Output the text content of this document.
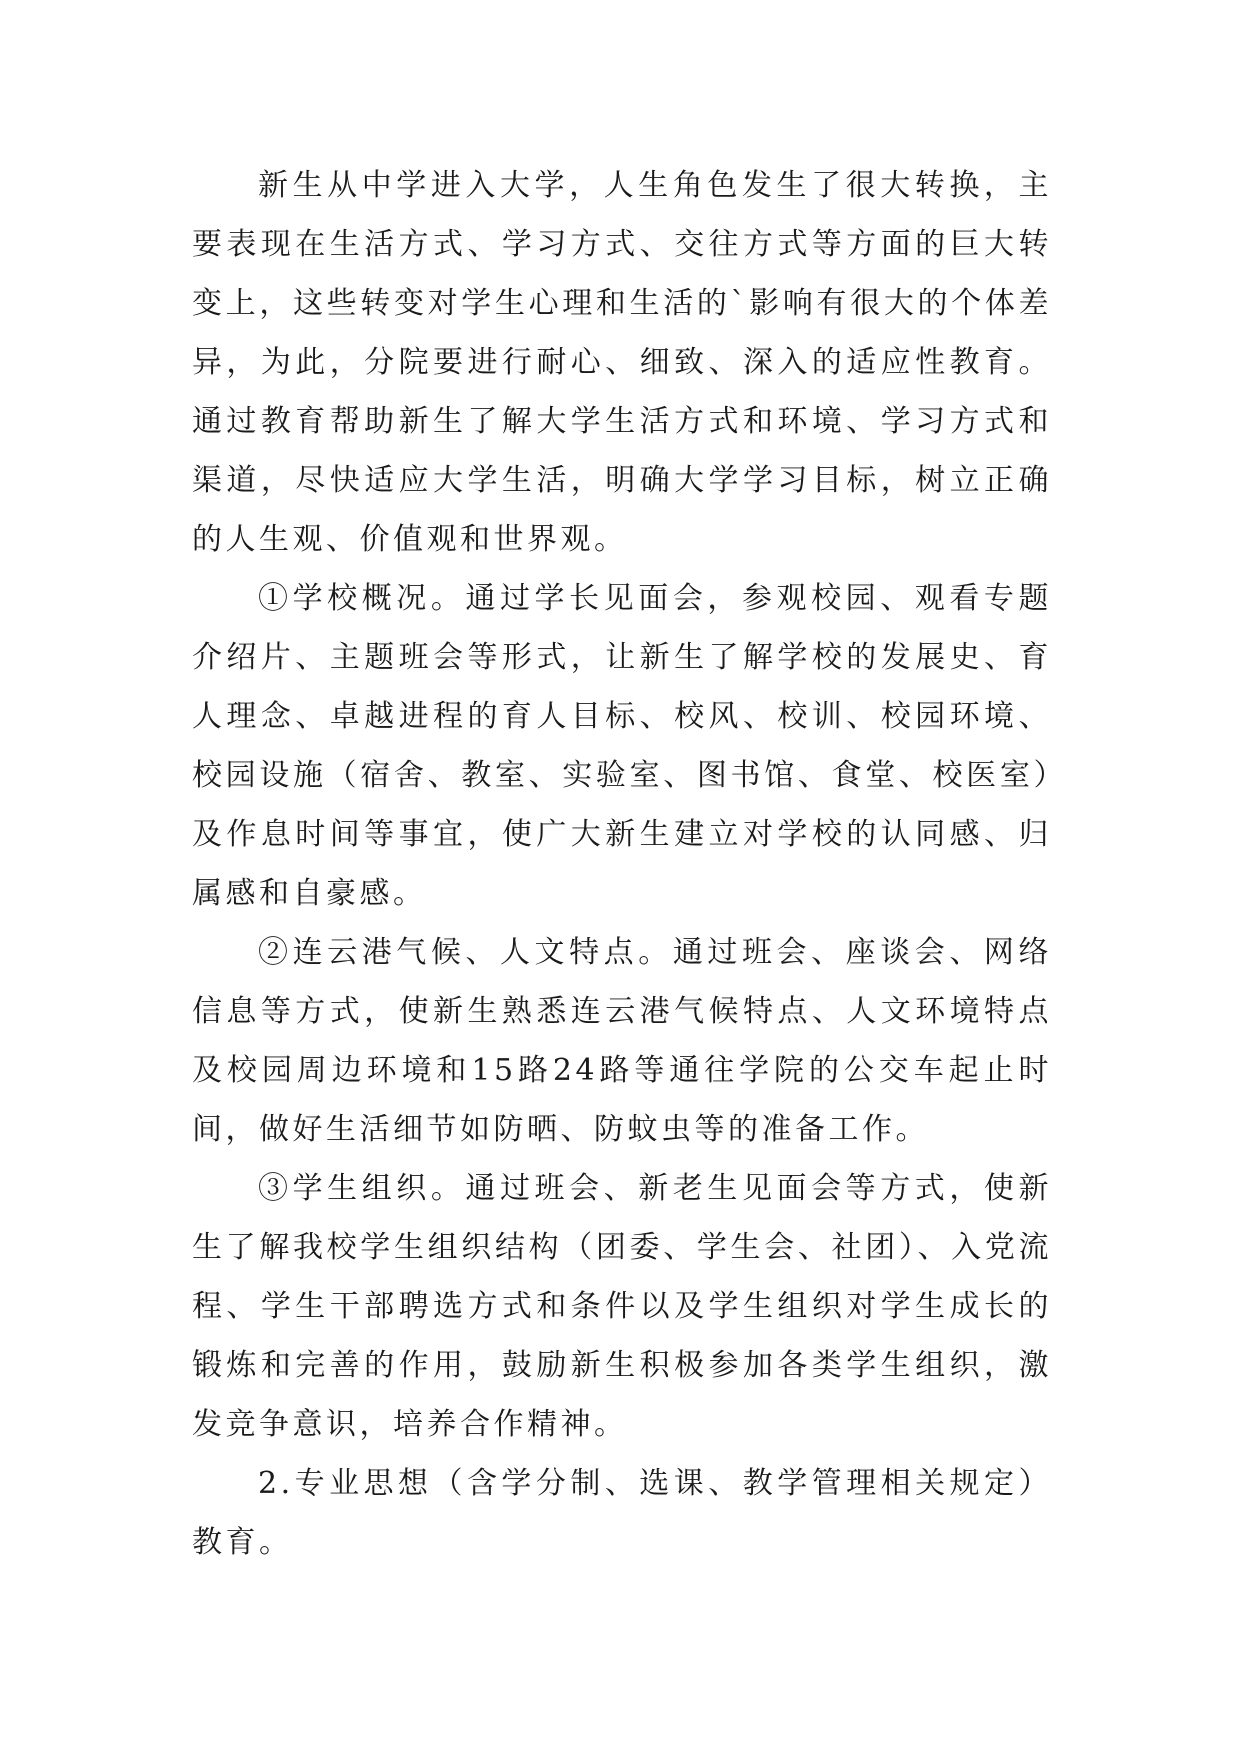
新生从中学进入大学，人生角色发生了很大转换，主要表现在生活方式、学习方式、交往方式等方面的巨大转变上，这些转变对学生心理和生活的`影响有很大的个体差异，为此，分院要进行耐心、细致、深入的适应性教育。通过教育帮助新生了解大学生活方式和环境、学习方式和渠道，尽快适应大学生活，明确大学学习目标，树立正确的人生观、价值观和世界观。

①学校概况。通过学长见面会，参观校园、观看专题介绍片、主题班会等形式，让新生了解学校的发展史、育人理念、卓越进程的育人目标、校风、校训、校园环境、校园设施（宿舍、教室、实验室、图书馆、食堂、校医室）及作息时间等事宜，使广大新生建立对学校的认同感、归属感和自豪感。

②连云港气候、人文特点。通过班会、座谈会、网络信息等方式，使新生熟悉连云港气候特点、人文环境特点及校园周边环境和15路24路等通往学院的公交车起止时间，做好生活细节如防晒、防蚊虫等的准备工作。

③学生组织。通过班会、新老生见面会等方式，使新生了解我校学生组织结构（团委、学生会、社团）、入党流程、学生干部聘选方式和条件以及学生组织对学生成长的锻炼和完善的作用，鼓励新生积极参加各类学生组织，激发竞争意识，培养合作精神。

2.专业思想（含学分制、选课、教学管理相关规定）教育。
